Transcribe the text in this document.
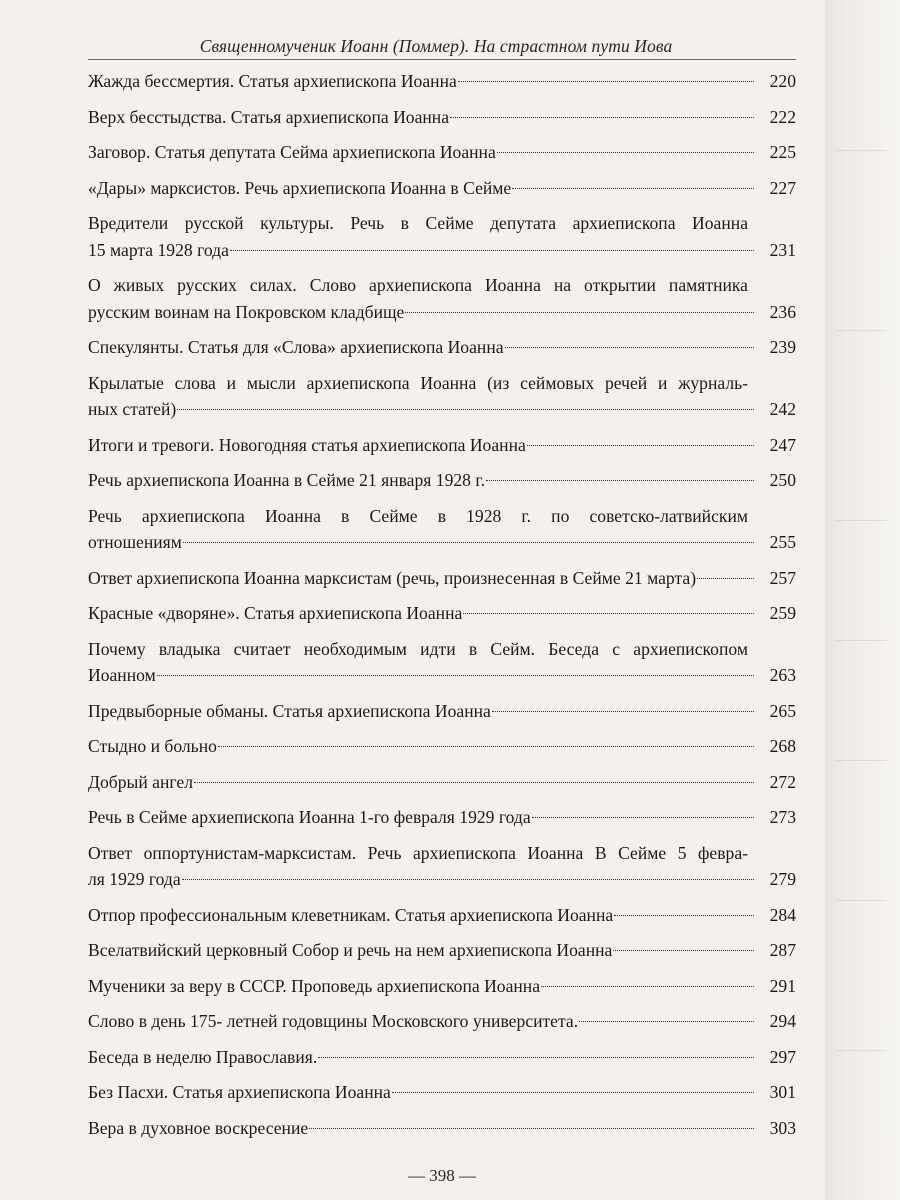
Священномученик Иоанн (Поммер). На страстном пути Иова
Жажда бессмертия. Статья архиепископа Иоанна	220
Верх бесстыдства. Статья архиепископа Иоанна	222
Заговор. Статья депутата Сейма архиепископа Иоанна	225
«Дары» марксистов. Речь архиепископа Иоанна в Сейме	227
Вредители русской культуры. Речь в Сейме депутата архиепископа Иоанна
15 марта 1928 года	231
О живых русских силах. Слово архиепископа Иоанна на открытии памятника
русским воинам на Покровском кладбище	236
Спекулянты. Статья для «Слова» архиепископа Иоанна	239
Крылатые слова и мысли архиепископа Иоанна (из сеймовых речей и журналь-
ных статей)	242
Итоги и тревоги. Новогодняя статья архиепископа Иоанна	247
Речь архиепископа Иоанна в Сейме 21 января 1928 г.	250
Речь архиепископа Иоанна в Сейме в 1928 г. по советско-латвийским
отношениям	255
Ответ архиепископа Иоанна марксистам (речь, произнесенная в Сейме 21 марта)	257
Красные «дворяне». Статья архиепископа Иоанна	259
Почему владыка считает необходимым идти в Сейм. Беседа с архиепископом
Иоанном	263
Предвыборные обманы. Статья архиепископа Иоанна	265
Стыдно и больно	268
Добрый ангел	272
Речь в Сейме архиепископа Иоанна 1-го февраля 1929 года	273
Ответ оппортунистам-марксистам. Речь архиепископа Иоанна В Сейме 5 февра-
ля 1929 года	279
Отпор профессиональным клеветникам. Статья архиепископа Иоанна	284
Вселатвийский церковный Собор и речь на нем архиепископа Иоанна	287
Мученики за веру в СССР. Проповедь архиепископа Иоанна	291
Слово в день 175- летней годовщины Московского университета.	294
Беседа в неделю Православия.	297
Без Пасхи. Статья архиепископа Иоанна	301
Вера в духовное воскресение	303
— 398 —
